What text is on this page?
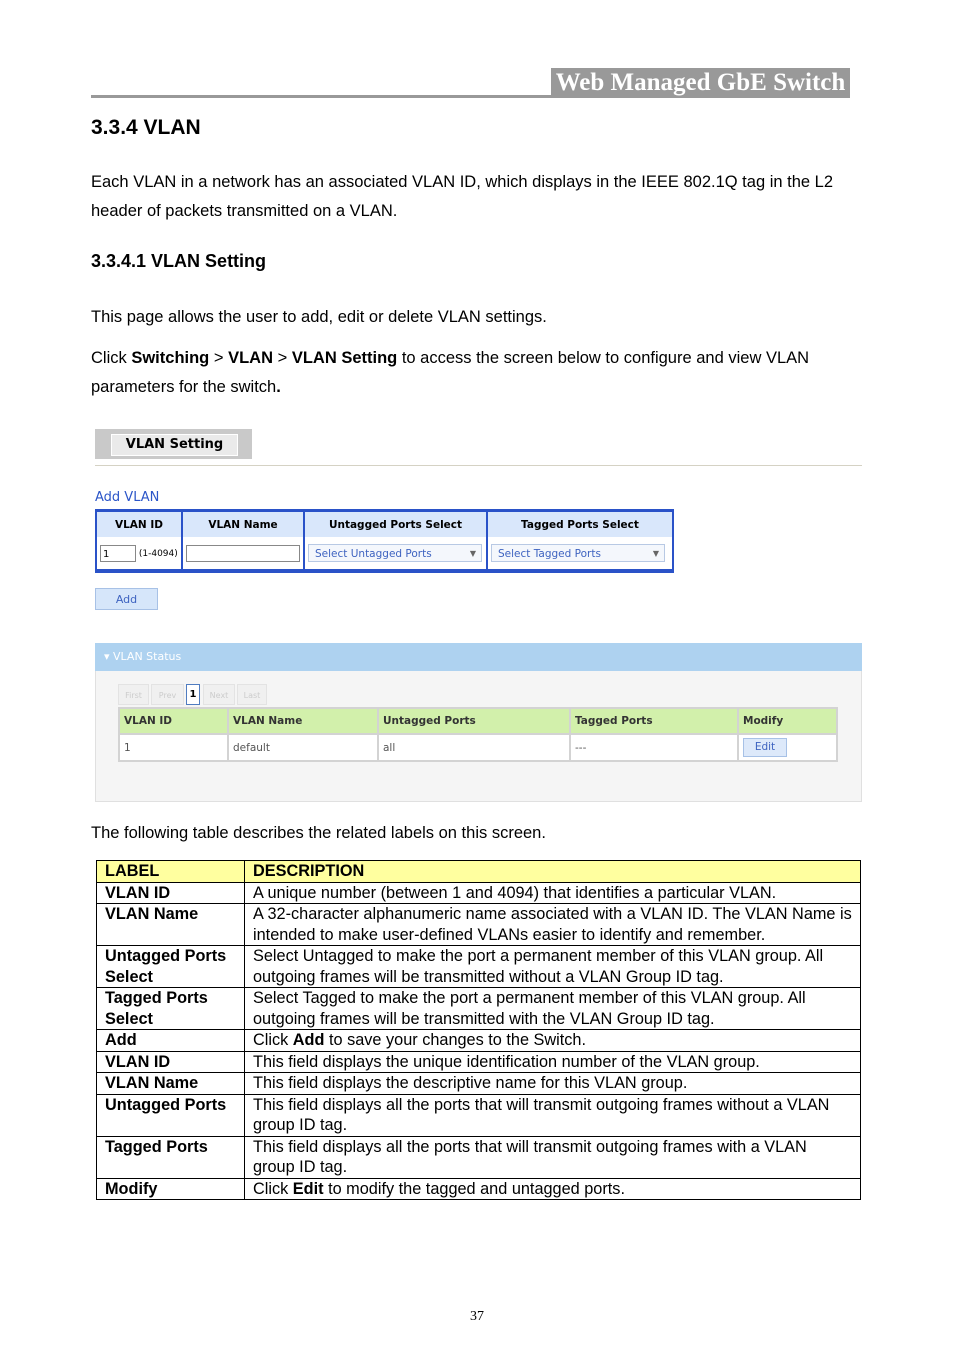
Web Managed GbE Switch
3.3.4 VLAN

Each VLAN in a network has an associated VLAN ID, which displays in the IEEE 802.1Q tag in the L2 header of packets transmitted on a VLAN.

3.3.4.1 VLAN Setting

This page allows the user to add, edit or delete VLAN settings.

Click Switching > VLAN > VLAN Setting to access the screen below to configure and view VLAN parameters for the switch.

VLAN Setting
Add VLAN
VLAN ID	VLAN Name	Untagged Ports Select	Tagged Ports Select
1 (1-4094)		Select Untagged Ports ▼	Select Tagged Ports ▼
Add
▾ VLAN Status
First	Prev	1	Next	Last
VLAN ID	VLAN Name	Untagged Ports	Tagged Ports	Modify
1	default	all	---	Edit

The following table describes the related labels on this screen.

LABEL	DESCRIPTION
VLAN ID	A unique number (between 1 and 4094) that identifies a particular VLAN.
VLAN Name	A 32-character alphanumeric name associated with a VLAN ID. The VLAN Name is intended to make user-defined VLANs easier to identify and remember.
Untagged Ports Select	Select Untagged to make the port a permanent member of this VLAN group. All outgoing frames will be transmitted without a VLAN Group ID tag.
Tagged Ports Select	Select Tagged to make the port a permanent member of this VLAN group. All outgoing frames will be transmitted with the VLAN Group ID tag.
Add	Click Add to save your changes to the Switch.
VLAN ID	This field displays the unique identification number of the VLAN group.
VLAN Name	This field displays the descriptive name for this VLAN group.
Untagged Ports	This field displays all the ports that will transmit outgoing frames without a VLAN group ID tag.
Tagged Ports	This field displays all the ports that will transmit outgoing frames with a VLAN group ID tag.
Modify	Click Edit to modify the tagged and untagged ports.
37
